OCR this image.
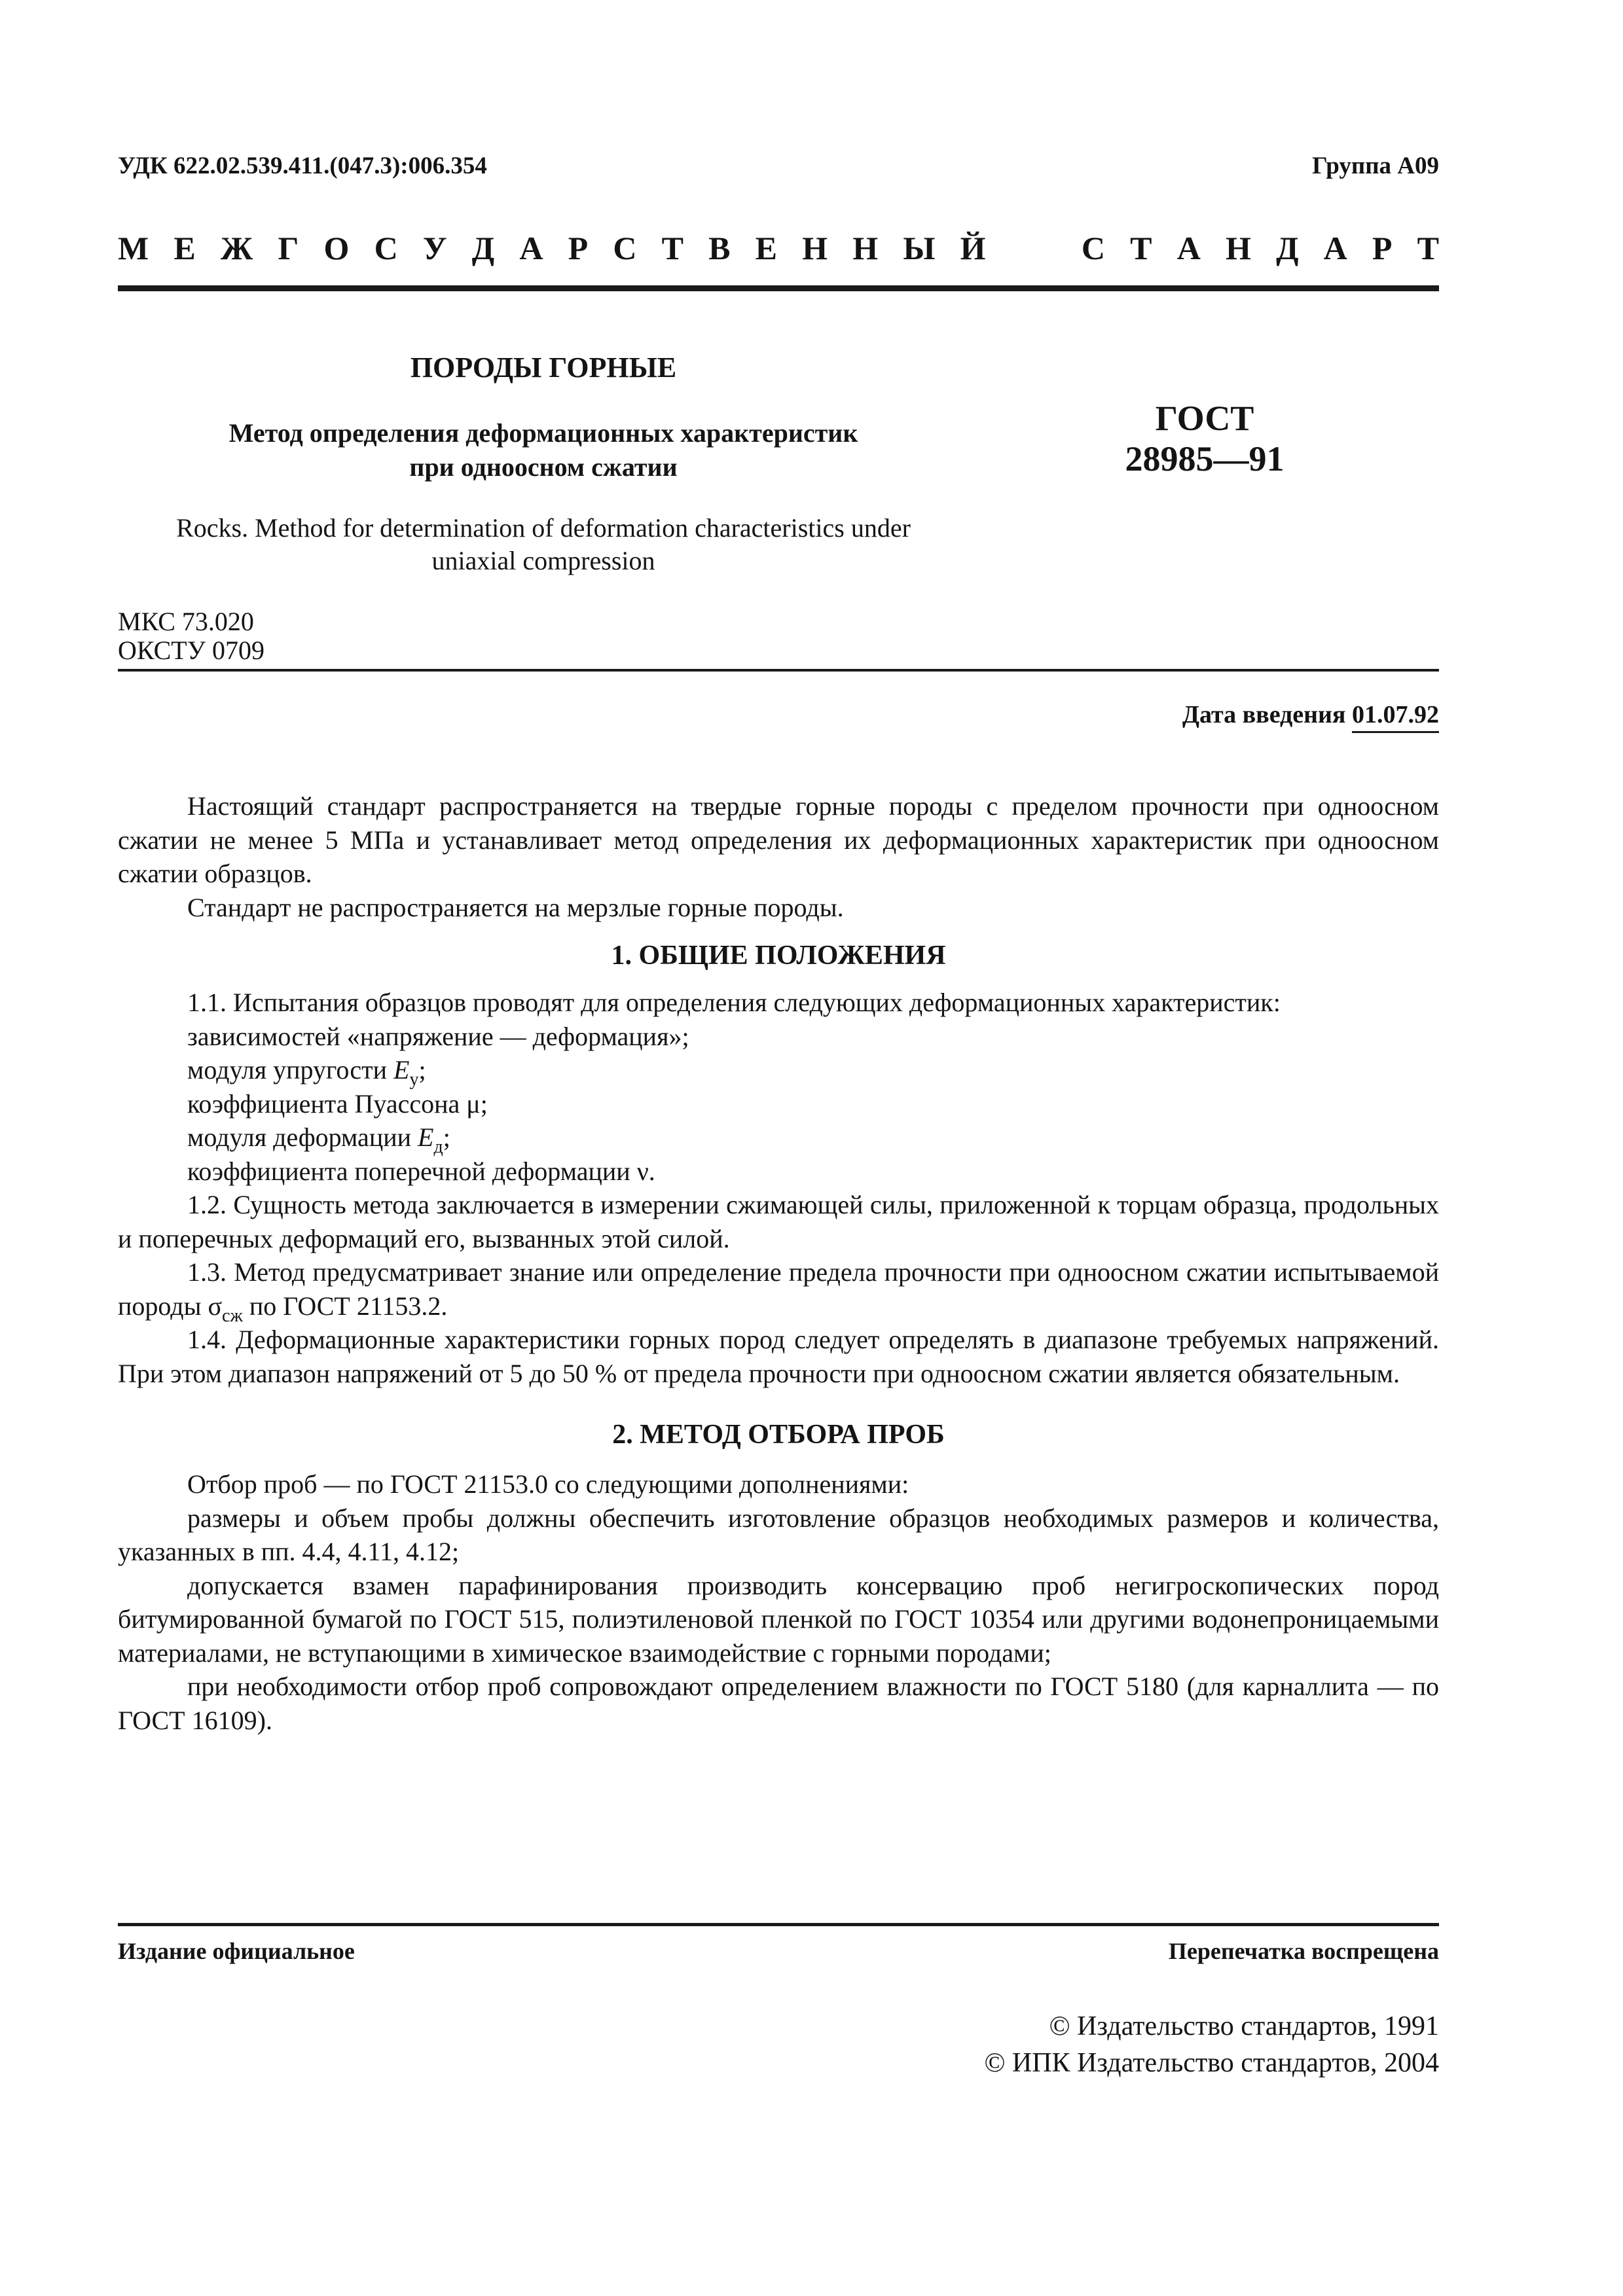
УДК 622.02.539.411.(047.3):006.354	Группа А09
М Е Ж Г О С У Д А Р С Т В Е Н Н Ы Й	С Т А Н Д А Р Т
ПОРОДЫ ГОРНЫЕ
Метод определения деформационных характеристик
при одноосном сжатии
ГОСТ
28985—91
Rocks. Method for determination of deformation characteristics under
uniaxial compression
МКС 73.020
ОКСТУ 0709
Дата введения 01.07.92

Настоящий стандарт распространяется на твердые горные породы с пределом прочности при одноосном сжатии не менее 5 МПа и устанавливает метод определения их деформационных характеристик при одноосном сжатии образцов.

Стандарт не распространяется на мерзлые горные породы.

1. ОБЩИЕ ПОЛОЖЕНИЯ

1.1. Испытания образцов проводят для определения следующих деформационных характеристик:

зависимостей «напряжение — деформация»;

модуля упругости $E_у$;

коэффициента Пуассона μ;

модуля деформации $E_д$;

коэффициента поперечной деформации ν.

1.2. Сущность метода заключается в измерении сжимающей силы, приложенной к торцам образца, продольных и поперечных деформаций его, вызванных этой силой.

1.3. Метод предусматривает знание или определение предела прочности при одноосном сжатии испытываемой породы $\sigma_{сж}$ по ГОСТ 21153.2.

1.4. Деформационные характеристики горных пород следует определять в диапазоне требуемых напряжений. При этом диапазон напряжений от 5 до 50 % от предела прочности при одноосном сжатии является обязательным.

2. МЕТОД ОТБОРА ПРОБ

Отбор проб — по ГОСТ 21153.0 со следующими дополнениями:

размеры и объем пробы должны обеспечить изготовление образцов необходимых размеров и количества, указанных в пп. 4.4, 4.11, 4.12;

допускается взамен парафинирования производить консервацию проб негигроскопических пород битумированной бумагой по ГОСТ 515, полиэтиленовой пленкой по ГОСТ 10354 или другими водонепроницаемыми материалами, не вступающими в химическое взаимодействие с горными породами;

при необходимости отбор проб сопровождают определением влажности по ГОСТ 5180 (для карналлита — по ГОСТ 16109).

Издание официальное	Перепечатка воспрещена
© Издательство стандартов, 1991
© ИПК Издательство стандартов, 2004
